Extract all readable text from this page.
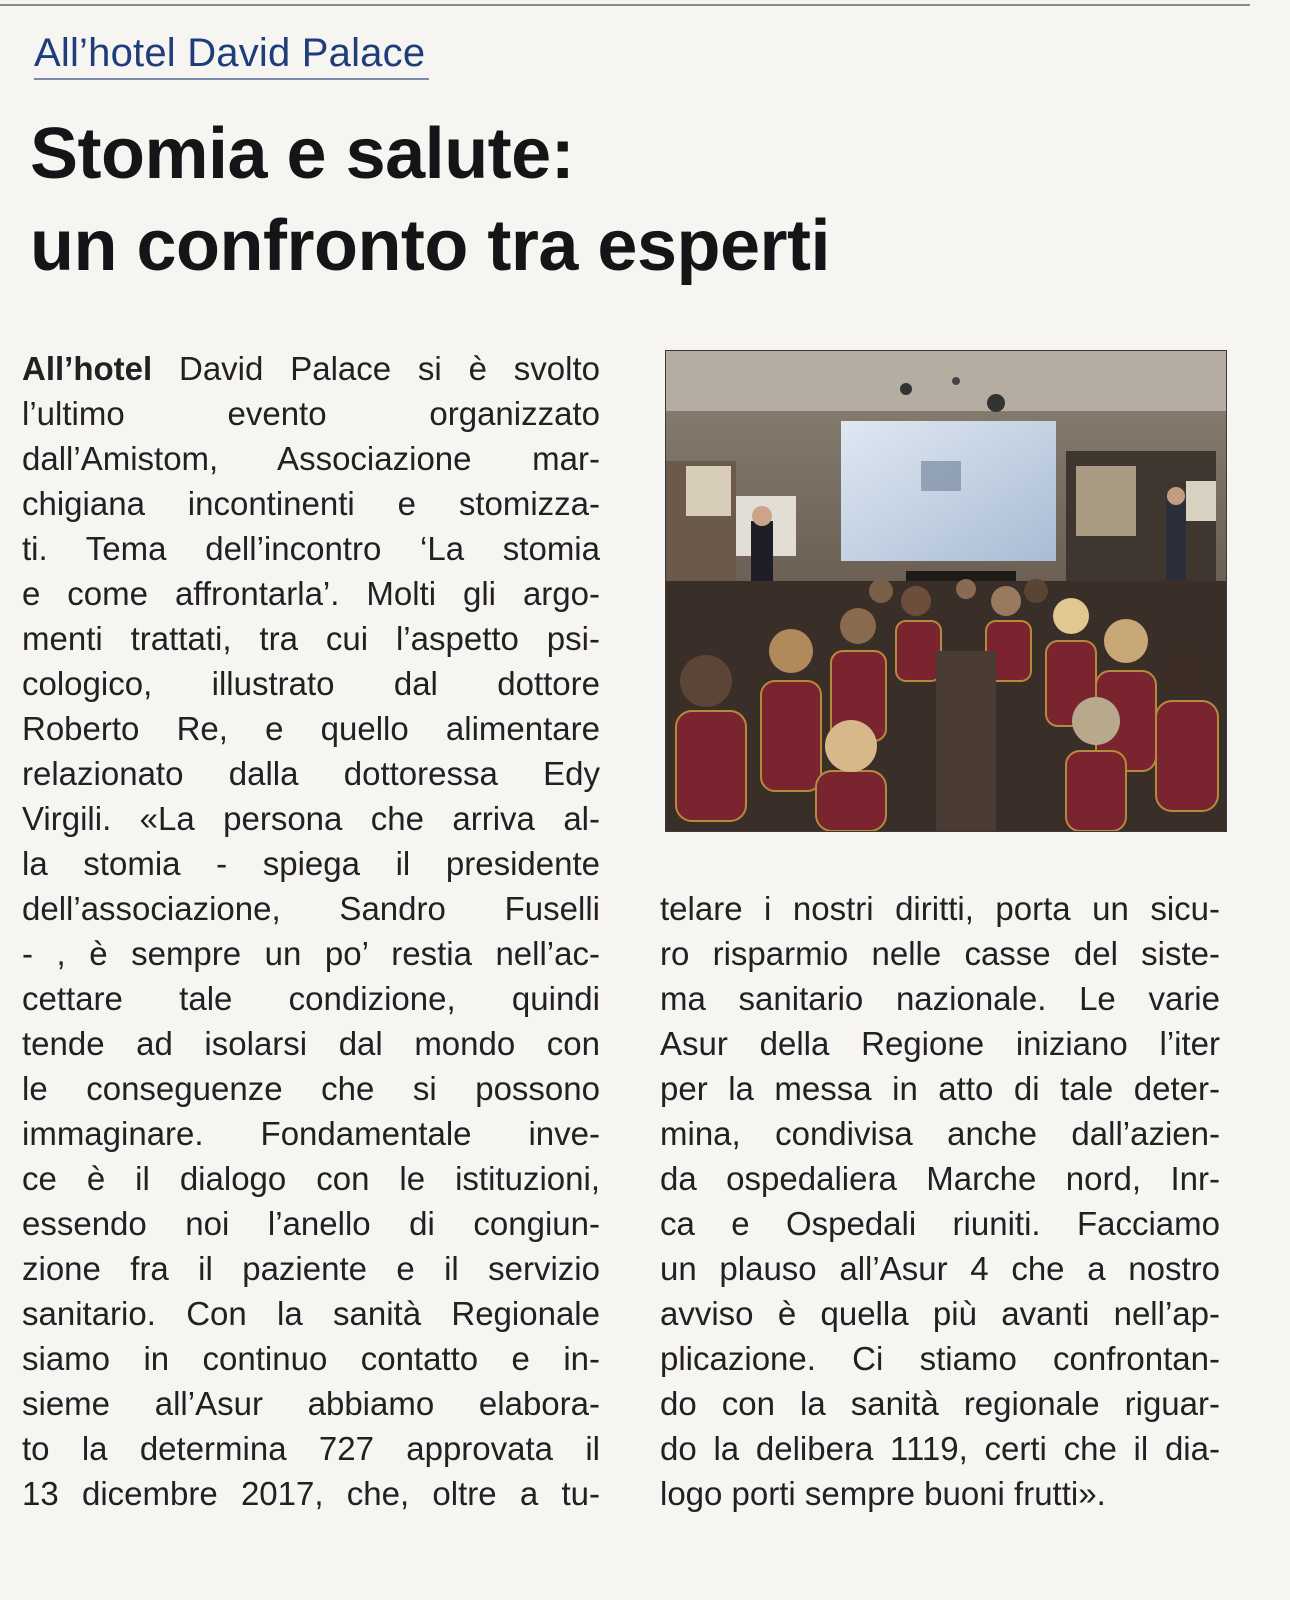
All’hotel David Palace
Stomia e salute:
un confronto tra esperti
All’hotel David Palace si è svolto
l’ultimo evento organizzato
dall’Amistom, Associazione mar-
chigiana incontinenti e stomizza-
ti. Tema dell’incontro ‘La stomia
e come affrontarla’. Molti gli argo-
menti trattati, tra cui l’aspetto psi-
cologico, illustrato dal dottore
Roberto Re, e quello alimentare
relazionato dalla dottoressa Edy
Virgili. «La persona che arriva al-
la stomia - spiega il presidente
dell’associazione, Sandro Fuselli
- , è sempre un po’ restia nell’ac-
cettare tale condizione, quindi
tende ad isolarsi dal mondo con
le conseguenze che si possono
immaginare. Fondamentale inve-
ce è il dialogo con le istituzioni,
essendo noi l’anello di congiun-
zione fra il paziente e il servizio
sanitario. Con la sanità Regionale
siamo in continuo contatto e in-
sieme all’Asur abbiamo elabora-
to la determina 727 approvata il
13 dicembre 2017, che, oltre a tu-
telare i nostri diritti, porta un sicu-
ro risparmio nelle casse del siste-
ma sanitario nazionale. Le varie
Asur della Regione iniziano l’iter
per la messa in atto di tale deter-
mina, condivisa anche dall’azien-
da ospedaliera Marche nord, Inr-
ca e Ospedali riuniti. Facciamo
un plauso all’Asur 4 che a nostro
avviso è quella più avanti nell’ap-
plicazione. Ci stiamo confrontan-
do con la sanità regionale riguar-
do la delibera 1119, certi che il dia-
logo porti sempre buoni frutti».
